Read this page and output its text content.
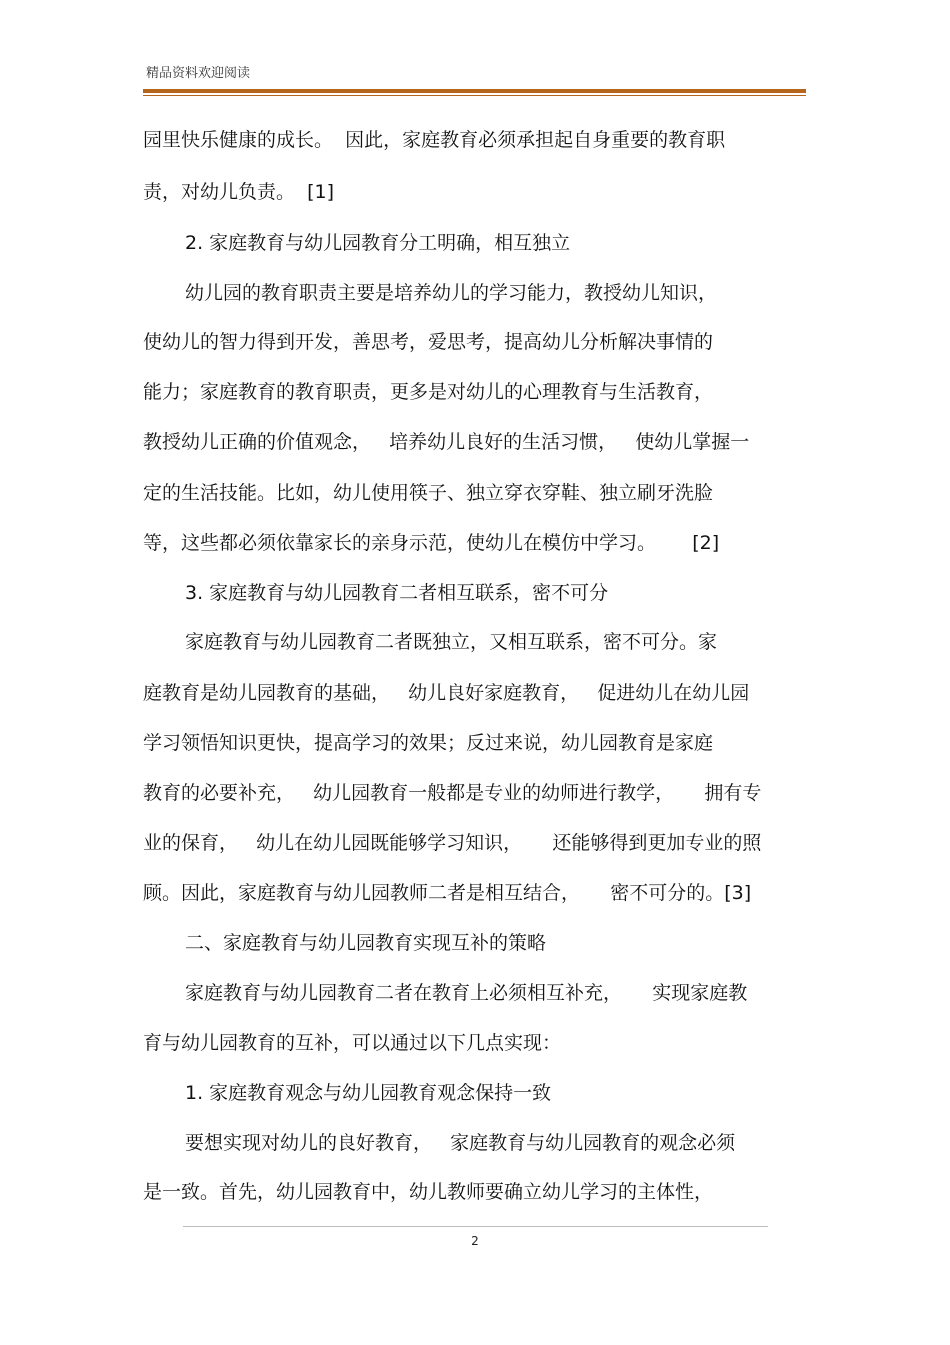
精品资料欢迎阅读
园里快乐健康的成长。  因此，家庭教育必须承担起自身重要的教育职
责，对幼儿负责。  [1]
2. 家庭教育与幼儿园教育分工明确，相互独立
幼儿园的教育职责主要是培养幼儿的学习能力，教授幼儿知识，
使幼儿的智力得到开发，善思考，爱思考，提高幼儿分析解决事情的
能力；家庭教育的教育职责，更多是对幼儿的心理教育与生活教育，
教授幼儿正确的价值观念，   培养幼儿良好的生活习惯，   使幼儿掌握一
定的生活技能。比如，幼儿使用筷子、独立穿衣穿鞋、独立刷牙洗脸
等，这些都必须依靠家长的亲身示范，使幼儿在模仿中学习。      [2]
3. 家庭教育与幼儿园教育二者相互联系，密不可分
家庭教育与幼儿园教育二者既独立，又相互联系，密不可分。家
庭教育是幼儿园教育的基础，   幼儿良好家庭教育，   促进幼儿在幼儿园
学习领悟知识更快，提高学习的效果；反过来说，幼儿园教育是家庭
教育的必要补充，   幼儿园教育一般都是专业的幼师进行教学，     拥有专
业的保育，   幼儿在幼儿园既能够学习知识，     还能够得到更加专业的照
顾。因此，家庭教育与幼儿园教师二者是相互结合，     密不可分的。[3]
二、家庭教育与幼儿园教育实现互补的策略
家庭教育与幼儿园教育二者在教育上必须相互补充，     实现家庭教
育与幼儿园教育的互补，可以通过以下几点实现：
1. 家庭教育观念与幼儿园教育观念保持一致
要想实现对幼儿的良好教育，   家庭教育与幼儿园教育的观念必须
是一致。首先，幼儿园教育中，幼儿教师要确立幼儿学习的主体性，
2
